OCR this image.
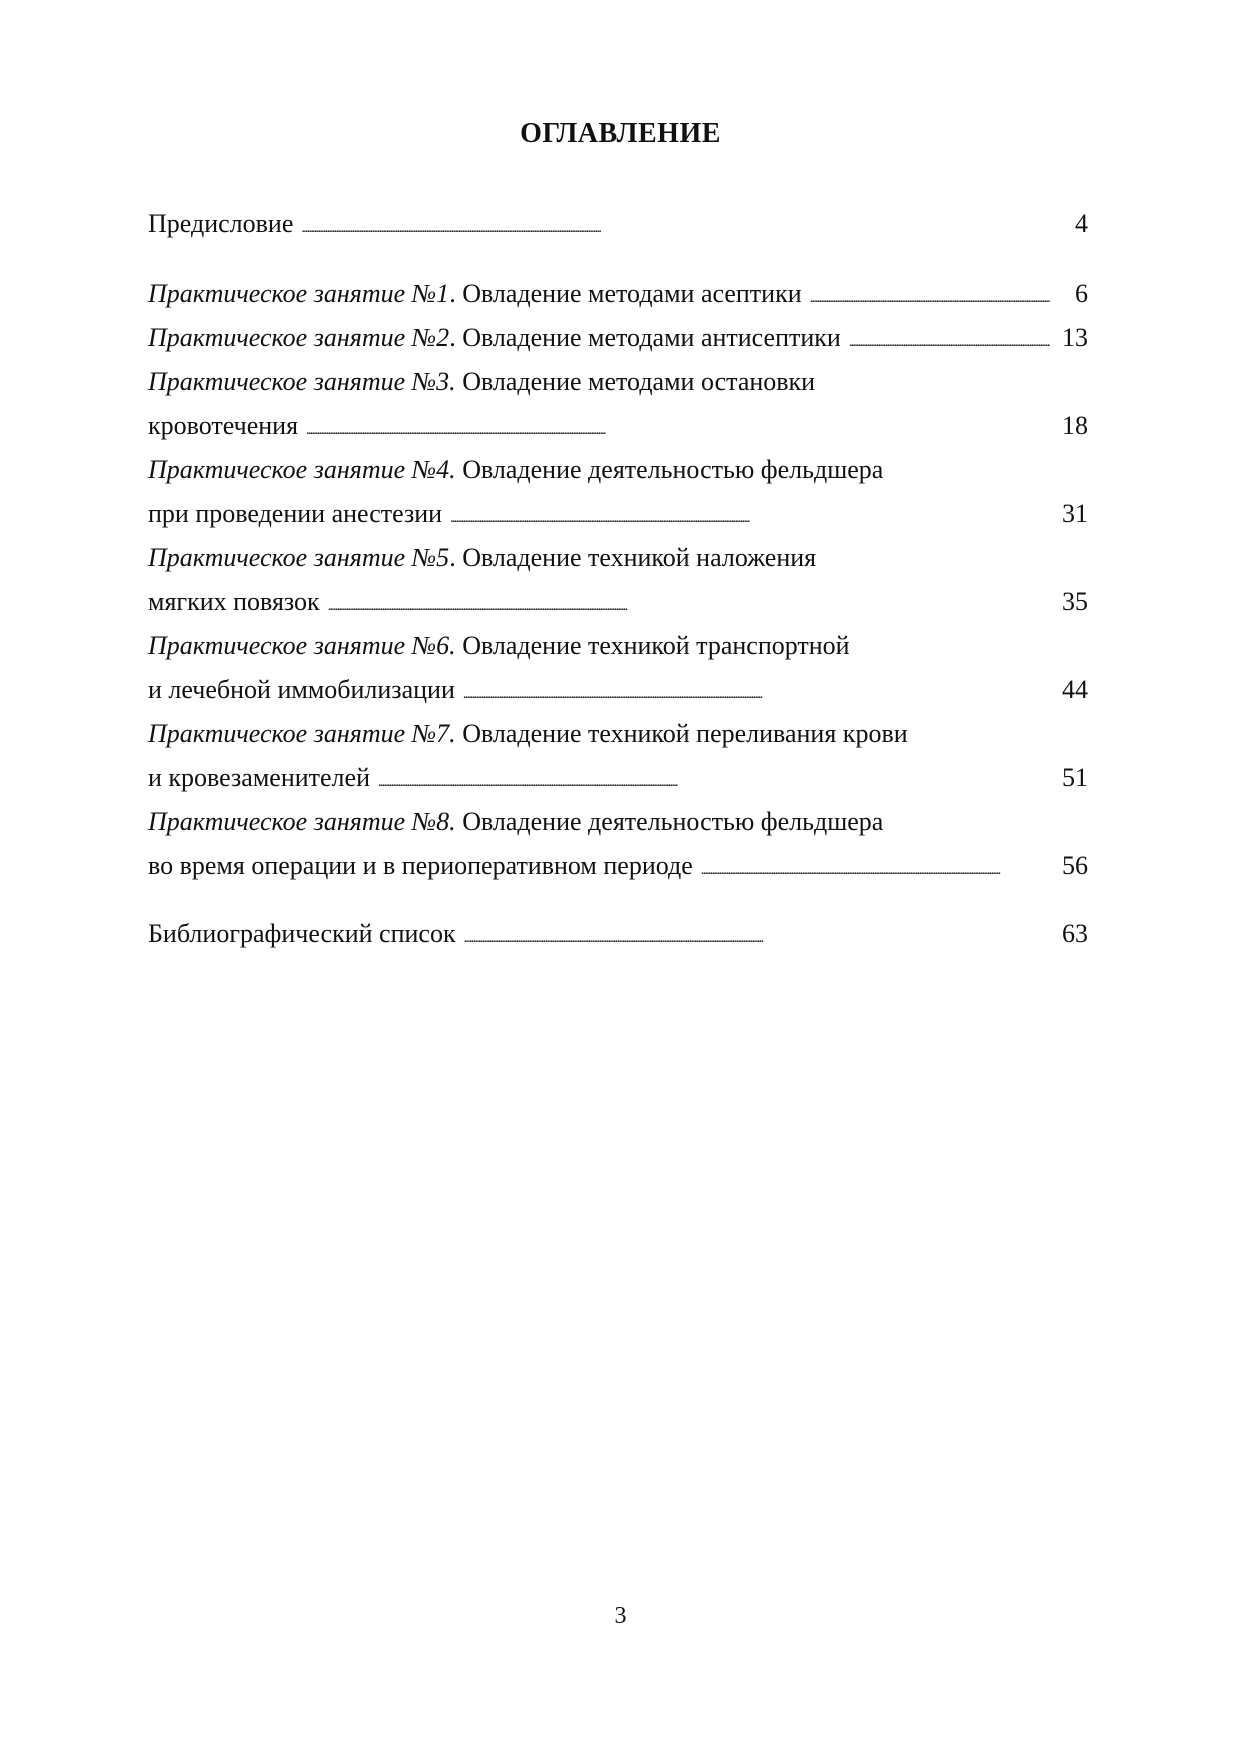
ОГЛАВЛЕНИЕ
Предисловие . . .	4
Практическое занятие №1. Овладение методами асептики . . .	6
Практическое занятие №2. Овладение методами антисептики . . .	13
Практическое занятие №3. Овладение методами остановки
кровотечения . . .	18
Практическое занятие №4. Овладение деятельностью фельдшера
при проведении анестезии . . .	31
Практическое занятие №5. Овладение техникой наложения
мягких повязок . . .	35
Практическое занятие №6. Овладение техникой транспортной
и лечебной иммобилизации . . .	44
Практическое занятие №7. Овладение техникой переливания крови
и кровезаменителей . . .	51
Практическое занятие №8. Овладение деятельностью фельдшера
во время операции и в периоперативном периоде . . .	56
Библиографический список . . .	63
3
